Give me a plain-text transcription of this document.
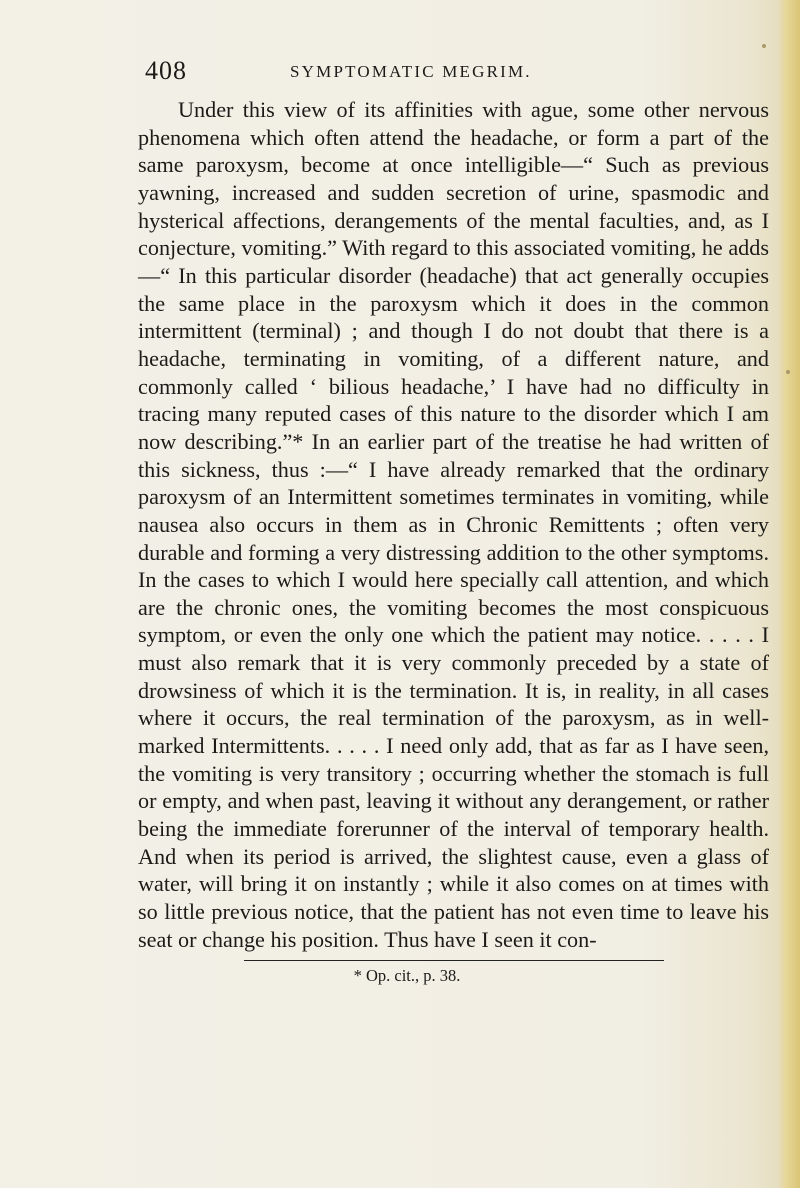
408	SYMPTOMATIC MEGRIM.

Under this view of its affinities with ague, some other nervous phenomena which often attend the headache, or form a part of the same paroxysm, become at once intelligible—“ Such as previous yawning, increased and sudden secretion of urine, spasmodic and hysterical affections, derangements of the mental faculties, and, as I conjecture, vomiting.” With regard to this associated vomiting, he adds—“ In this particular disorder (headache) that act generally occupies the same place in the paroxysm which it does in the common intermittent (terminal) ; and though I do not doubt that there is a headache, terminating in vomiting, of a different nature, and commonly called ‘ bilious headache,’ I have had no difficulty in tracing many reputed cases of this nature to the disorder which I am now describing.”* In an earlier part of the treatise he had written of this sickness, thus :—“ I have already remarked that the ordinary paroxysm of an Intermittent sometimes terminates in vomiting, while nausea also occurs in them as in Chronic Remittents ; often very durable and forming a very distressing addition to the other symptoms. In the cases to which I would here specially call attention, and which are the chronic ones, the vomiting becomes the most conspicuous symptom, or even the only one which the patient may notice. . . . . I must also remark that it is very commonly preceded by a state of drowsiness of which it is the termination. It is, in reality, in all cases where it occurs, the real termination of the paroxysm, as in well-marked Intermittents. . . . . I need only add, that as far as I have seen, the vomiting is very transitory ; occurring whether the stomach is full or empty, and when past, leaving it without any derangement, or rather being the immediate forerunner of the interval of temporary health. And when its period is arrived, the slightest cause, even a glass of water, will bring it on instantly ; while it also comes on at times with so little previous notice, that the patient has not even time to leave his seat or change his position. Thus have I seen it con-

* Op. cit., p. 38.
